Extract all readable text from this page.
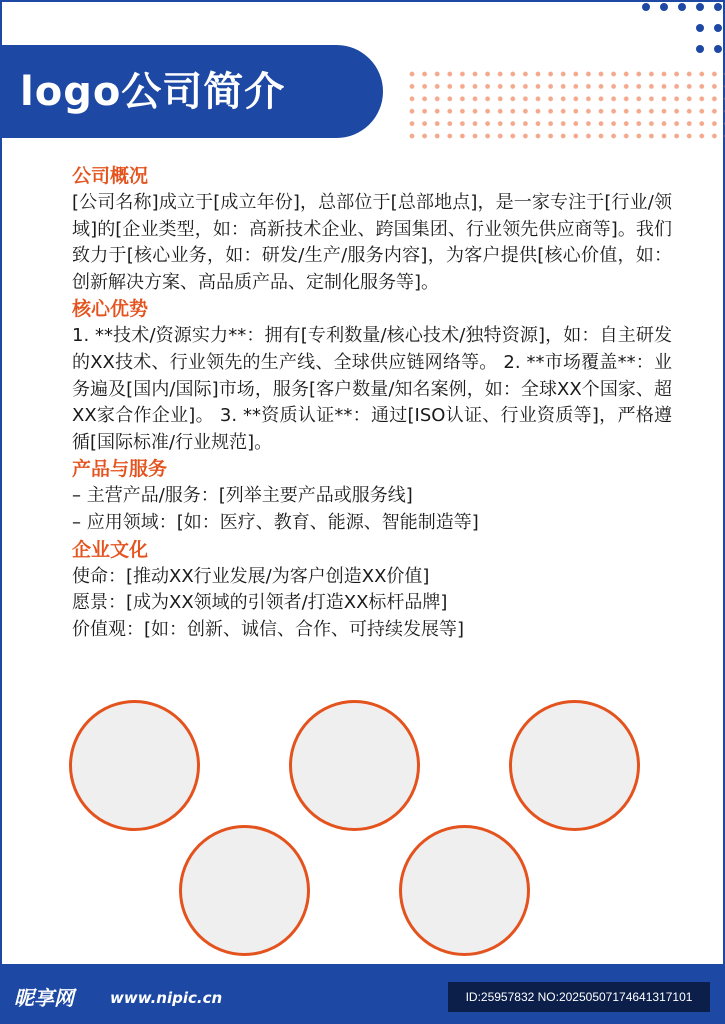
logo公司简介
公司概况

[公司名称]成立于[成立年份]，总部位于[总部地点]，是一家专注于[行业/领域]的[企业类型，如：高新技术企业、跨国集团、行业领先供应商等]。我们致力于[核心业务，如：研发/生产/服务内容]，为客户提供[核心价值，如：创新解决方案、高品质产品、定制化服务等]。

核心优势

1. **技术/资源实力**：拥有[专利数量/核心技术/独特资源]，如：自主研发的XX技术、行业领先的生产线、全球供应链网络等。 2. **市场覆盖**：业务遍及[国内/国际]市场，服务[客户数量/知名案例，如：全球XX个国家、超XX家合作企业]。 3. **资质认证**：通过[ISO认证、行业资质等]，严格遵循[国际标准/行业规范]。

产品与服务
– 主营产品/服务：[列举主要产品或服务线]
– 应用领域：[如：医疗、教育、能源、智能制造等]
企业文化
使命：[推动XX行业发展/为客户创造XX价值]
愿景：[成为XX领域的引领者/打造XX标杆品牌]
价值观：[如：创新、诚信、合作、可持续发展等]
昵享网 www.nipic.cn	ID:25957832 NO:20250507174641317101
